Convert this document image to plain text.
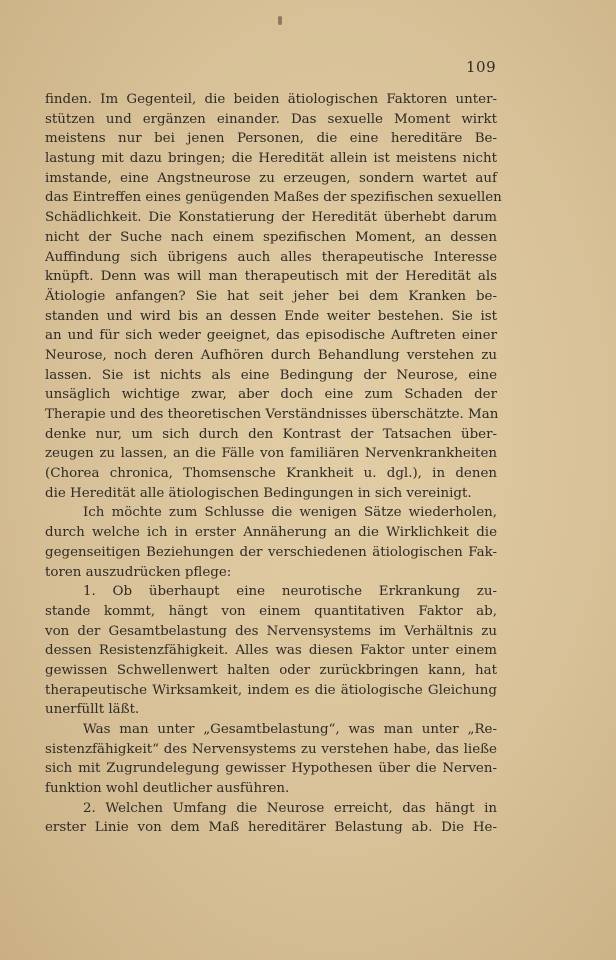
109
finden. Im Gegenteil, die beiden ätiologischen Faktoren unter-
stützen und ergänzen einander. Das sexuelle Moment wirkt
meistens nur bei jenen Personen, die eine hereditäre Be-
lastung mit dazu bringen; die Heredität allein ist meistens nicht
imstande, eine Angstneurose zu erzeugen, sondern wartet auf
das Eintreffen eines genügenden Maßes der spezifischen sexuellen
Schädlichkeit. Die Konstatierung der Heredität überhebt darum
nicht der Suche nach einem spezifischen Moment, an dessen
Auffindung sich übrigens auch alles therapeutische Interesse
knüpft. Denn was will man therapeutisch mit der Heredität als
Ätiologie anfangen? Sie hat seit jeher bei dem Kranken be-
standen und wird bis an dessen Ende weiter bestehen. Sie ist
an und für sich weder geeignet, das episodische Auftreten einer
Neurose, noch deren Aufhören durch Behandlung verstehen zu
lassen. Sie ist nichts als eine Bedingung der Neurose, eine
unsäglich wichtige zwar, aber doch eine zum Schaden der
Therapie und des theoretischen Verständnisses überschätzte. Man
denke nur, um sich durch den Kontrast der Tatsachen über-
zeugen zu lassen, an die Fälle von familiären Nervenkrankheiten
(Chorea chronica, Thomsensche Krankheit u. dgl.), in denen
die Heredität alle ätiologischen Bedingungen in sich vereinigt.
Ich möchte zum Schlusse die wenigen Sätze wiederholen,
durch welche ich in erster Annäherung an die Wirklichkeit die
gegenseitigen Beziehungen der verschiedenen ätiologischen Fak-
toren auszudrücken pflege:
1. Ob überhaupt eine neurotische Erkrankung zu-
stande kommt, hängt von einem quantitativen Faktor ab,
von der Gesamtbelastung des Nervensystems im Verhältnis zu
dessen Resistenzfähigkeit. Alles was diesen Faktor unter einem
gewissen Schwellenwert halten oder zurückbringen kann, hat
therapeutische Wirksamkeit, indem es die ätiologische Gleichung
unerfüllt läßt.
Was man unter „Gesamtbelastung“, was man unter „Re-
sistenzfähigkeit“ des Nervensystems zu verstehen habe, das ließe
sich mit Zugrundelegung gewisser Hypothesen über die Nerven-
funktion wohl deutlicher ausführen.
2. Welchen Umfang die Neurose erreicht, das hängt in
erster Linie von dem Maß hereditärer Belastung ab. Die He-
